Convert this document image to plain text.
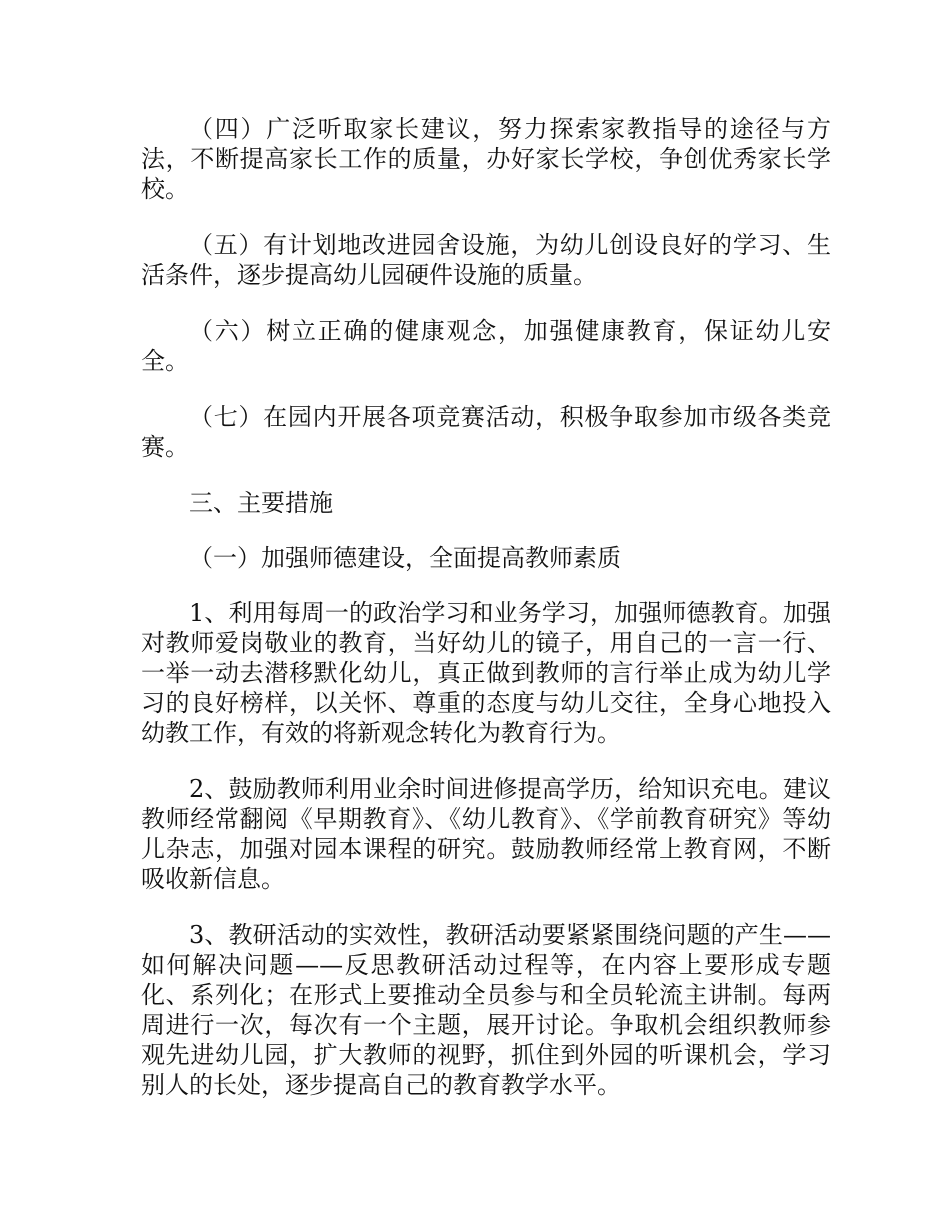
（四）广泛听取家长建议，努力探索家教指导的途径与方法，不断提高家长工作的质量，办好家长学校，争创优秀家长学校。

（五）有计划地改进园舍设施，为幼儿创设良好的学习、生活条件，逐步提高幼儿园硬件设施的质量。

（六）树立正确的健康观念，加强健康教育，保证幼儿安全。

（七）在园内开展各项竞赛活动，积极争取参加市级各类竞赛。

三、主要措施

（一）加强师德建设，全面提高教师素质

1、利用每周一的政治学习和业务学习，加强师德教育。加强对教师爱岗敬业的教育，当好幼儿的镜子，用自己的一言一行、一举一动去潜移默化幼儿，真正做到教师的言行举止成为幼儿学习的良好榜样，以关怀、尊重的态度与幼儿交往，全身心地投入幼教工作，有效的将新观念转化为教育行为。

2、鼓励教师利用业余时间进修提高学历，给知识充电。建议教师经常翻阅《早期教育》、《幼儿教育》、《学前教育研究》等幼儿杂志，加强对园本课程的研究。鼓励教师经常上教育网，不断吸收新信息。

3、教研活动的实效性，教研活动要紧紧围绕问题的产生——如何解决问题——反思教研活动过程等，在内容上要形成专题化、系列化；在形式上要推动全员参与和全员轮流主讲制。每两周进行一次，每次有一个主题，展开讨论。争取机会组织教师参观先进幼儿园，扩大教师的视野，抓住到外园的听课机会，学习别人的长处，逐步提高自己的教育教学水平。
